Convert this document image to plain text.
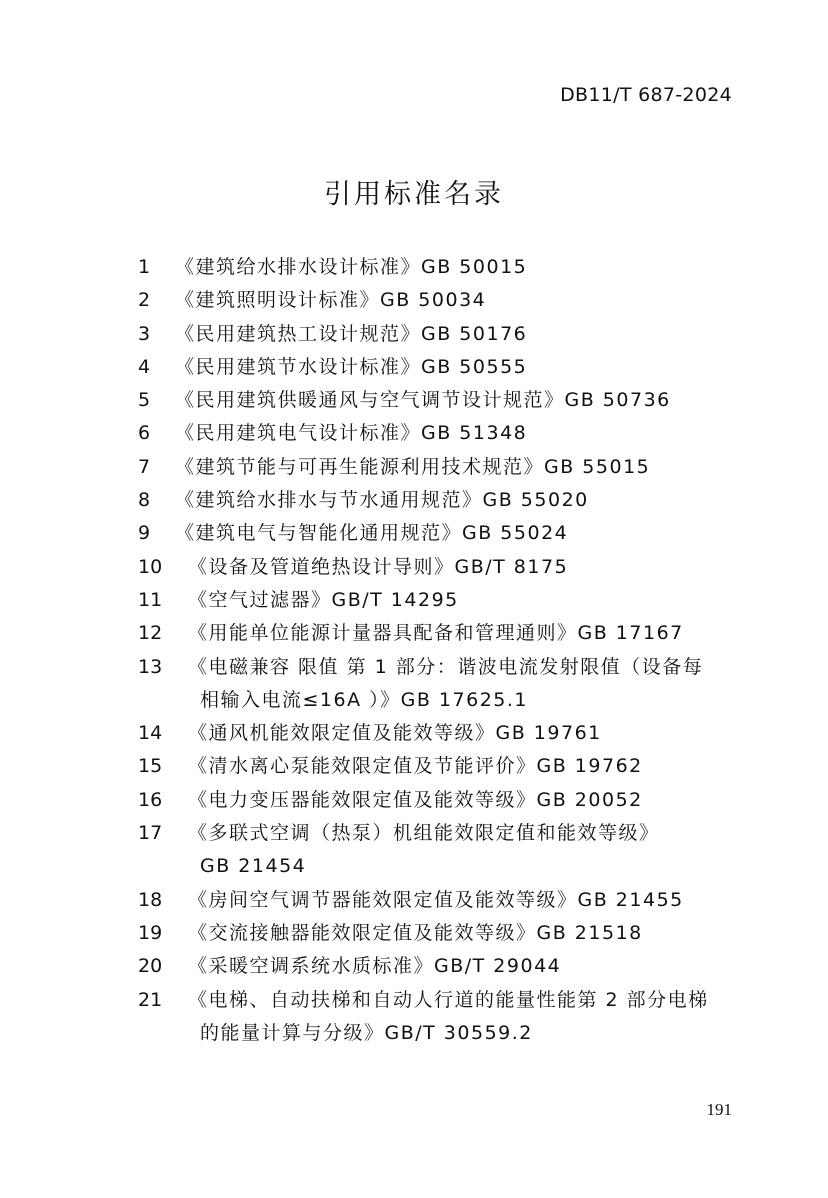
DB11/T 687-2024
引用标准名录
1 《建筑给水排水设计标准》GB 50015
2 《建筑照明设计标准》GB 50034
3 《民用建筑热工设计规范》GB 50176
4 《民用建筑节水设计标准》GB 50555
5 《民用建筑供暖通风与空气调节设计规范》GB 50736
6 《民用建筑电气设计标准》GB 51348
7 《建筑节能与可再生能源利用技术规范》GB 55015
8 《建筑给水排水与节水通用规范》GB 55020
9 《建筑电气与智能化通用规范》GB 55024
10 《设备及管道绝热设计导则》GB/T 8175
11 《空气过滤器》GB/T 14295
12 《用能单位能源计量器具配备和管理通则》GB 17167
13 《电磁兼容 限值 第 1 部分：谐波电流发射限值（设备每
相输入电流≤16A ）》GB 17625.1
14 《通风机能效限定值及能效等级》GB 19761
15 《清水离心泵能效限定值及节能评价》GB 19762
16 《电力变压器能效限定值及能效等级》GB 20052
17 《多联式空调（热泵）机组能效限定值和能效等级》
GB 21454
18 《房间空气调节器能效限定值及能效等级》GB 21455
19 《交流接触器能效限定值及能效等级》GB 21518
20 《采暖空调系统水质标准》GB/T 29044
21 《电梯、自动扶梯和自动人行道的能量性能第 2 部分电梯
的能量计算与分级》GB/T 30559.2
191
